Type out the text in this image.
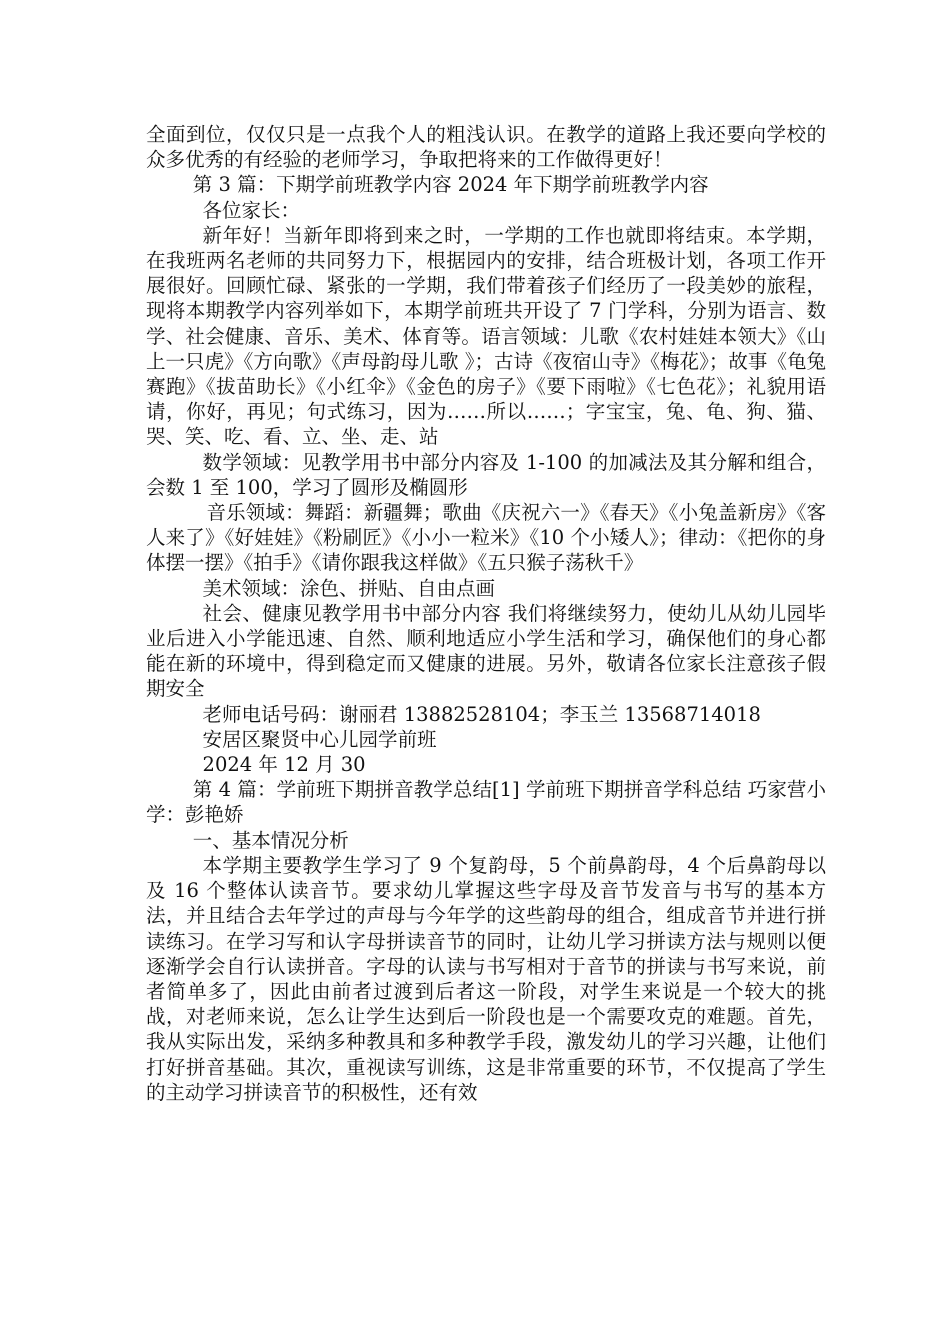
全面到位，仅仅只是一点我个人的粗浅认识。在教学的道路上我还要向学校的众多优秀的有经验的老师学习，争取把将来的工作做得更好！

第 3 篇：下期学前班教学内容 2024 年下期学前班教学内容

各位家长：

新年好！当新年即将到来之时，一学期的工作也就即将结束。本学期，在我班两名老师的共同努力下，根据园内的安排，结合班极计划，各项工作开展很好。回顾忙碌、紧张的一学期，我们带着孩子们经历了一段美妙的旅程，现将本期教学内容列举如下，本期学前班共开设了 7 门学科，分别为语言、数学、社会健康、音乐、美术、体育等。语言领域：儿歌《农村娃娃本领大》《山上一只虎》《方向歌》《声母韵母儿歌 》；古诗《夜宿山寺》《梅花》；故事《龟兔赛跑》《拔苗助长》《小红伞》《金色的房子》《要下雨啦》《七色花》；礼貌用语请，你好，再见；句式练习，因为……所以……；字宝宝，兔、龟、狗、猫、哭、笑、吃、看、立、坐、走、站

数学领域：见教学用书中部分内容及 1-100 的加减法及其分解和组合，会数 1 至 100，学习了圆形及椭圆形

音乐领域：舞蹈：新疆舞；歌曲《庆祝六一》《春天》《小兔盖新房》《客人来了》《好娃娃》《粉刷匠》《小小一粒米》《10 个小矮人》；律动：《把你的身体摆一摆》《拍手》《请你跟我这样做》《五只猴子荡秋千》

美术领域：涂色、拼贴、自由点画

社会、健康见教学用书中部分内容 我们将继续努力，使幼儿从幼儿园毕业后进入小学能迅速、自然、顺利地适应小学生活和学习，确保他们的身心都能在新的环境中，得到稳定而又健康的进展。另外，敬请各位家长注意孩子假期安全

老师电话号码：谢丽君 13882528104；李玉兰 13568714018

安居区聚贤中心儿园学前班

2024 年 12 月 30

第 4 篇：学前班下期拼音教学总结[1] 学前班下期拼音学科总结 巧家营小学：彭艳娇

一、基本情况分析

本学期主要教学生学习了 9 个复韵母，5 个前鼻韵母，4 个后鼻韵母以及 16 个整体认读音节。要求幼儿掌握这些字母及音节发音与书写的基本方法，并且结合去年学过的声母与今年学的这些韵母的组合，组成音节并进行拼读练习。在学习写和认字母拼读音节的同时，让幼儿学习拼读方法与规则以便逐渐学会自行认读拼音。字母的认读与书写相对于音节的拼读与书写来说，前者简单多了，因此由前者过渡到后者这一阶段，对学生来说是一个较大的挑战，对老师来说，怎么让学生达到后一阶段也是一个需要攻克的难题。首先，我从实际出发，采纳多种教具和多种教学手段，激发幼儿的学习兴趣，让他们打好拼音基础。其次，重视读写训练，这是非常重要的环节，不仅提高了学生的主动学习拼读音节的积极性，还有效
